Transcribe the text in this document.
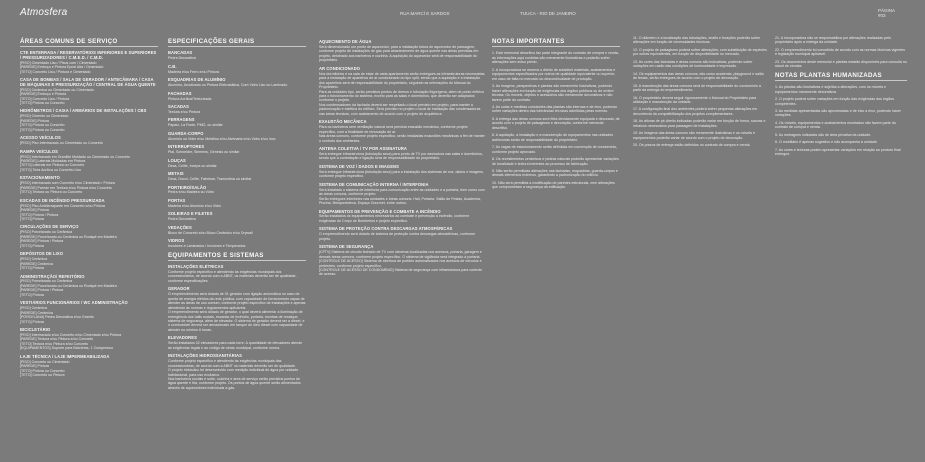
Atmosfera	RUA MARCÍ E SARDOS	TIJUCA - RIO DE JANEIRO
PÁGINA
#03
ÁREAS COMUNS DE SERVIÇO
CTE ENTERRADA / RESERVATÓRIOS INFERIORES E SUPERIORES / PRESSURIZADORES / C.M.E.D. / C.M.D.
[PISO] Cimentado Liso / Pisos com / Cimentado
[PAREDE] Emboço e Pintura Epóxi Alta / Cimentado
[TETO] Concreto Liso / Pintura e Cimentado
CASA DE BOMBAS / SALA DE GERADOR / ANTECÂMARA / CASA DE MÁQUINAS E PRESSURIZAÇÃO / CENTRAL DE ÁGUA QUENTE
[PISO] Cerâmica ou Cimentado ou Cimentado
[PAREDE] Emboço e Pintura
[TETO] Concreto Liso / Pintura
[TETO] Pintura ou Concreto
HIDRÔMETROS / CAIXA / ARMÁRIOS DE INSTALAÇÕES / CBS
[PISO] Cimento ou Cimentado
[PAREDE] Pintura
[TETO] Pintura ou Concreto
[TETO] Pintura ou Concreto
ACESSO VEÍCULOS
[PISO] Piso Intertravado ou Cimentado ou Concreto
RAMPA VEÍCULOS
[PISO] Intertravado em Granilite Moldado ou Cimentado ou Concreto
[PAREDE] Laterais Moldadas em Pintura
[TETO] Laterais em Pintura ou Concreto
[TETO] Tinta Acrílica ou Concreto Liso
ESTACIONAMENTO
[PISO] Intertravado com Concreto e/ou Cimentado / Pintura
[PAREDE] Parede em Textura e/ou Pintura e/ou Concreto
[TETO] Textura ou Pintura ou Concreto
ESCADAS DE INCÊNDIO PRESSURIZADA
[PISO] Piso Antiderrapante em Concreto e/ou Pintura
[PAREDE] Pintura
[TETO] Pintura / Pintura
[TETO] Pintura
CIRCULAÇÕES DE SERVIÇO
[PISO] Porcelanato ou Cerâmica
[PAREDE] Porcelanato ou Cerâmica ou Rodapé em Madeira
[PAREDE] Pintura / Pintura
[TETO] Pintura
DEPÓSITOS DE LIXO
[PISO] Cerâmica
[PAREDE] Cerâmica
[TETO] Pintura
ADMINISTRAÇÃO/ REFEITÓRIO
[PISO] Porcelanato ou Cerâmica
[PAREDE] Porcelanato ou Cerâmica ou Rodapé em Madeira
[PAREDE] Pintura / Pintura
[TETO] Pintura
VESTIÁRIOS FUNCIONÁRIOS / WC ADMINISTRAÇÃO
[PISO] Cerâmica
[PAREDE] Cerâmica
[PORCELANA] Pedra Decorativa e/ou Granito
[TETO] Pintura
BICICLETÁRIO
[PISO] Intertravado e/ou Concreto e/ou Cimentado e/ou Pintura
[PAREDE] Textura e/ou Pintura e/ou Concreto
[TETO] Textura e/ou Pintura e/ou Concreto
[EQUIPAMENTOS] Suporte para Bicicletas, 1 Compressor
LAJE TÉCNICA / LAJE IMPERMEABILIZADA
[PISO] Concreto ou Cimentado
[PAREDE] Pintura
[TETO] Pintura ou Concreto
[TETO] Concreto ou Pintura
ESPECIFICAÇÕES GERAIS
BANCADAS
Pedra Decorativa
C.B.
Madeira e/ou Ferro e/ou Pintura
ESQUADRIAS DE ALUMÍNIO
Alumínio, Anodizado ou Pintura Eletrostática, Com Vidro Liso ou Laminado
FACHADAS
Pintura Acrílica/Texturizada
SACADAS
Textura e/ou Pintura
FERRAGENS
Papaiz, La Fonte, PMO, ou similar
GUARDA-CORPO
Alumínio ou Vidro e/ou Metálica e/ou Alvenaria e/ou Vidro e/ou Inox
INTERRUPTORES
Pial, Schneider, Siemens, Genesis ou similar
LOUÇAS
Deca, Celite, Incepa ou similar
METAIS
Deca, Docol, Celite, Fabrimar, Tramontina ou similar
PORTEIRO/SALÃO
Pedra e/ou Madeira ou Vidro
PORTAS
Madeira e/ou Alumínio e/ou Vidro
SOLEIRAS E FILETES
Pedra Decorativa
VEDAÇÕES
Bloco de Concreto e/ou Bloco Cerâmico e/ou Drywall
VIDROS
Incolores e Laminados / Incolores e Temperados
EQUIPAMENTOS E SISTEMAS
INSTALAÇÕES ELÉTRICAS
Conforme projeto específico e atendendo às exigências municipais dos concessionários, de acordo com a ABNT, os materiais deverão ser de qualidade, conforme especificações.
GERADOR
O empreendimento será dotado de 01 gerador com ligação automática no caso de queda de energia elétrica da rede pública, com capacidade de fornecimento capaz de atender as áreas de uso comum, conforme projeto específico de instalações e apenas atendendo às normas e regulamentos aplicáveis.
O empreendimento será dotado de gerador, o qual deverá alimentar a iluminação de emergência dos halls sociais, escadas de incêndio, portaria, bombas de recalque, sistema de segurança, além de elevador. O sistema de gerador deverá ser a diesel, e o combustível deverá ser armazenado em tanque de óleo diesel com capacidade de atender no mínimo 6 horas.
ELEVADORES
Serão instalados 02 elevadores para cada torre. A quantidade de elevadores atende às exigências legais e ao código de obras municipal, conforme norma.
INSTALAÇÕES HIDROSSANITÁRIAS
Conforme projeto específico e atendendo às exigências municipais das concessionárias, de acordo com a ABNT os materiais deverão ser de qualidade.
O projeto hidráulico foi desenvolvido com medição individual de água por unidade habitacional, para uso exclusivo.
Nos banheiros sociais e suíte, cozinha e área de serviço serão previstos pontos de água quente e fria, conforme projeto. Os pontos de água quente serão alimentados através de aquecedores individuais a gás.
AQUECIMENTO DE ÁGUA
Será dimensionado um ponto de aquecedor, para a instalação futura de aquecedor de passagem, conforme projeto de instalações de gás para abastecimento de água quente nas áreas previstas em projeto, destinado aos banheiros e cozinha. A aquisição do aquecedor será de responsabilidade do proprietário.
AR CONDICIONADO
Nos dormitórios e na sala de estar de cada apartamento serão entregues as infraestruturas necessárias para a instalação de aparelhos de ar condicionado do tipo split, sendo que a aquisição e a instalação dos aparelhos será de responsabilidade do proprietário, seguindo as orientações do Manual do Proprietário.
Para as unidades tipo, serão previstos pontos de drenos e tubulação frigorígena, além de ponto elétrico para o funcionamento do sistema, exceto para as salas e dormitórios, que deverão ser adaptados conforme o projeto.
Nos condensadores da fachada deverá ser respeitado o local previsto em projeto, para manter a padronização e estética do edifício. Será previsto no projeto o local de instalação das condensadoras nas áreas técnicas, com acabamento de acordo com o projeto de arquitetura.
EXAUSTÃO MECÂNICA
Para os banheiros sem ventilação natural será prevista exaustão mecânica, conforme projeto específico, com a finalidade de renovação de ar.
Nas áreas comuns, conforme projeto específico, serão instaladas exaustões mecânicas a fim de manter o conforto dos ambientes.
ANTENA COLETIVA / TV POR ASSINATURA
Será entregue infraestrutura (tubulação seca) para ponto de TV por assinatura nas salas e dormitórios, sendo que a contratação e ligação será de responsabilidade do proprietário.
SISTEMA DE VOZ / DADOS E IMAGENS
Será entregue infraestrutura (tubulação seca) para a instalação dos sistemas de voz, dados e imagens, conforme projeto específico.
SISTEMA DE COMUNICAÇÃO INTERNA / INTERFONIA
Será instalado o sistema de interfonia para comunicação entre as unidades e a portaria, bem como com as áreas comuns, conforme projeto.
Serão entregues interfones nas unidades e áreas comuns: Hall, Portaria, Salão de Festas, Academia, Piscina, Brinquedoteca, Espaço Gourmet, entre outros.
EQUIPAMENTOS DE PREVENÇÃO E COMBATE A INCÊNDIO
Serão instalados os equipamentos necessários ao combate e prevenção a incêndio, conforme exigências do Corpo de Bombeiros e projeto específico.
SISTEMA DE PROTEÇÃO CONTRA DESCARGAS ATMOSFÉRICAS
O empreendimento será dotado de sistema de proteção contra descargas atmosféricas, conforme projeto.
SISTEMA DE SEGURANÇA
[CFTV] Sistema de circuito fechado de TV com câmeras localizadas nos acessos, portaria, garagem e demais áreas comuns, conforme projeto específico. O sistema de vigilância será integrado à portaria.
[CONTROLE DE ACESSO] Sistema de abertura de portões automatizados nos acessos de veículos e pedestres, conforme projeto específico.
[CONTROLE DE ACESSO DE CONDOMÍNIO] Sistema de segurança com infraestrutura para controle de acesso.
NOTAS IMPORTANTES

1. Este memorial descritivo faz parte integrante do contrato de compra e venda, as informações aqui contidas são meramente ilustrativas e poderão sofrer alterações sem aviso prévio.

2. A incorporadora se reserva o direito de substituir materiais, acabamentos e equipamentos especificados por outros de qualidade equivalente ou superior, em caso de falta no mercado ou descontinuidade de produção.

3. As imagens, perspectivas e plantas são meramente ilustrativas, podendo haver alterações em função de exigências dos órgãos públicos ou de ordem técnica. Os móveis, objetos e acessórios são meramente decorativos e não fazem parte do contrato.

4. As cotas e medidas constantes das plantas são internas e de eixo, podendo sofrer variações dentro das tolerâncias técnicas admitidas pelas normas.

5. A entrega das áreas comuns será feita devidamente equipada e decorada, de acordo com o projeto de paisagismo e decoração, conforme memorial descritivo.

6. A aquisição, a instalação e a manutenção de equipamentos nas unidades autônomas serão de responsabilidade do proprietário.

7. As vagas de estacionamento serão definidas em convenção de condomínio, conforme projeto aprovado.

8. Os revestimentos cerâmicos e pedras naturais poderão apresentar variações de tonalidade e textura inerentes ao processo de fabricação.

9. Não serão permitidas alterações nas fachadas, esquadrias, guarda-corpos e demais elementos externos, garantindo a padronização do edifício.

10. Não será permitida a modificação de paredes estruturais, nem alterações que comprometam a segurança da edificação.

11. O diâmetro e a localização das tubulações, shafts e furações poderão sofrer alterações em função de necessidades técnicas.

12. O projeto de paisagismo poderá sofrer alterações, com substituição de espécies por outras equivalentes, em função de disponibilidade no mercado.

13. As cores das fachadas e áreas comuns são indicativas, podendo sofrer variações em razão das condições de luminosidade e impressão.

14. Os equipamentos das áreas comuns, tais como academia, playground e salão de festas, serão entregues de acordo com o projeto de decoração.

15. A manutenção das áreas comuns será de responsabilidade do condomínio a partir da entrega do empreendimento.

16. O proprietário deverá seguir rigorosamente o Manual do Proprietário para utilização e manutenção da unidade.

17. A configuração final dos ambientes poderá sofrer pequenas alterações em decorrência da compatibilização dos projetos complementares.

18. As alturas de pé-direito indicadas poderão variar em função de forros, sancas e rebaixos necessários para passagem de instalações.

19. As imagens das áreas comuns são meramente ilustrativas e os móveis e equipamentos poderão variar de acordo com o projeto de decoração.

20. Os prazos de entrega estão definidos no contrato de compra e venda.

21. A incorporadora não se responsabiliza por alterações realizadas pelo proprietário após a entrega da unidade.

22. O empreendimento foi concebido de acordo com as normas técnicas vigentes e legislação municipal aplicável.

23. Os documentos deste memorial e plantas estarão disponíveis para consulta no stand de vendas.

NOTAS PLANTAS HUMANIZADAS

1. As plantas são ilustrativas e sujeitas a alterações, com os móveis e equipamentos meramente decorativos.

2. O projeto poderá sofrer variações em função das exigências dos órgãos competentes.

3. As medidas apresentadas são aproximadas e de eixo a eixo, podendo haver variações.

4. Os móveis, equipamentos e acabamentos mostrados não fazem parte do contrato de compra e venda.

5. As metragens indicadas são de área privativa da unidade.

6. O mobiliário é apenas sugestivo e não acompanha a unidade.

7. As cores e texturas podem apresentar variações em relação ao produto final entregue.
